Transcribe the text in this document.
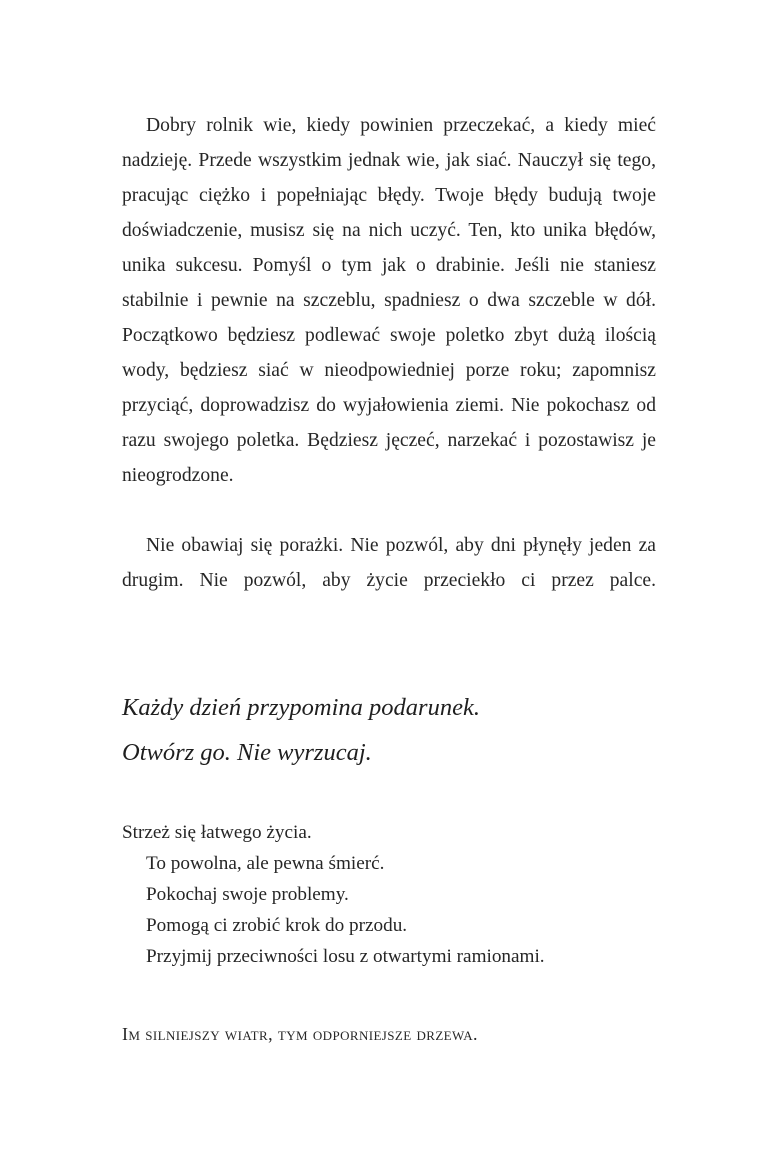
Dobry rolnik wie, kiedy powinien przeczekać, a kiedy mieć nadzieję. Przede wszystkim jednak wie, jak siać. Nauczył się tego, pracując ciężko i popełniając błędy. Twoje błędy budują twoje doświadczenie, musisz się na nich uczyć. Ten, kto unika błędów, unika sukcesu. Pomyśl o tym jak o drabinie. Jeśli nie staniesz stabilnie i pewnie na szczeblu, spadniesz o dwa szczeble w dół. Początkowo będziesz podlewać swoje poletko zbyt dużą ilością wody, będziesz siać w nieodpowiedniej porze roku; zapomnisz przyciąć, doprowadzisz do wyjałowienia ziemi. Nie pokochasz od razu swojego poletka. Będziesz jęczeć, narzekać i pozostawisz je nieogrodzone.

Nie obawiaj się porażki. Nie pozwól, aby dni płynęły jeden za drugim. Nie pozwól, aby życie przeciekło ci przez palce.

Każdy dzień przypomina podarunek.

Otwórz go. Nie wyrzucaj.

Strzeż się łatwego życia.

To powolna, ale pewna śmierć.

Pokochaj swoje problemy.

Pomogą ci zrobić krok do przodu.

Przyjmij przeciwności losu z otwartymi ramionami.

Im silniejszy wiatr, tym odporniejsze drzewa.
